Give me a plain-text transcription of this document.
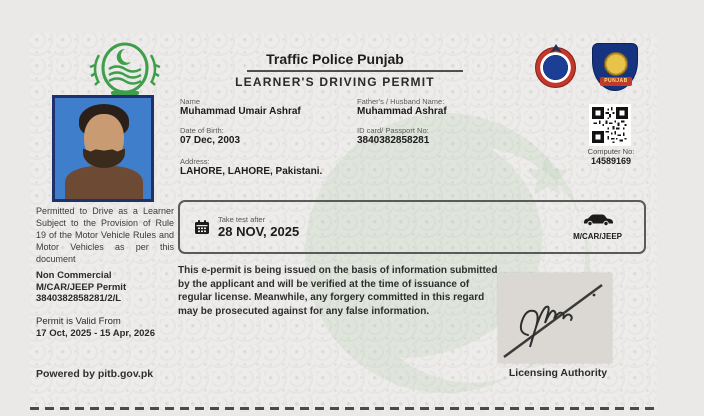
Permitted to Drive as a Learner Subject to the Provision of Rule 19 of the Motor Vehicle Rules and Motor Vehicles as per this document
Non Commercial
M/CAR/JEEP Permit
3840382858281/2/L
Permit is Valid From
17 Oct, 2025 - 15 Apr, 2026
Powered by pitb.gov.pk
Traffic Police Punjab
LEARNER'S DRIVING PERMIT
Name
Muhammad Umair Ashraf
Father's / Husband Name:
Muhammad Ashraf
Date of Birth:
07 Dec, 2003
ID card/ Passport No:
3840382858281
Address:
LAHORE, LAHORE, Pakistani.
Take test after
28 NOV, 2025	M/CAR/JEEP
This e-permit is being issued on the basis of information submitted by the applicant and will be verified at the time of issuance of regular license. Meanwhile, any forgery committed in this regard may be prosecuted against for any false information.
Licensing Authority
PUNJAB
Computer No:
14589169
